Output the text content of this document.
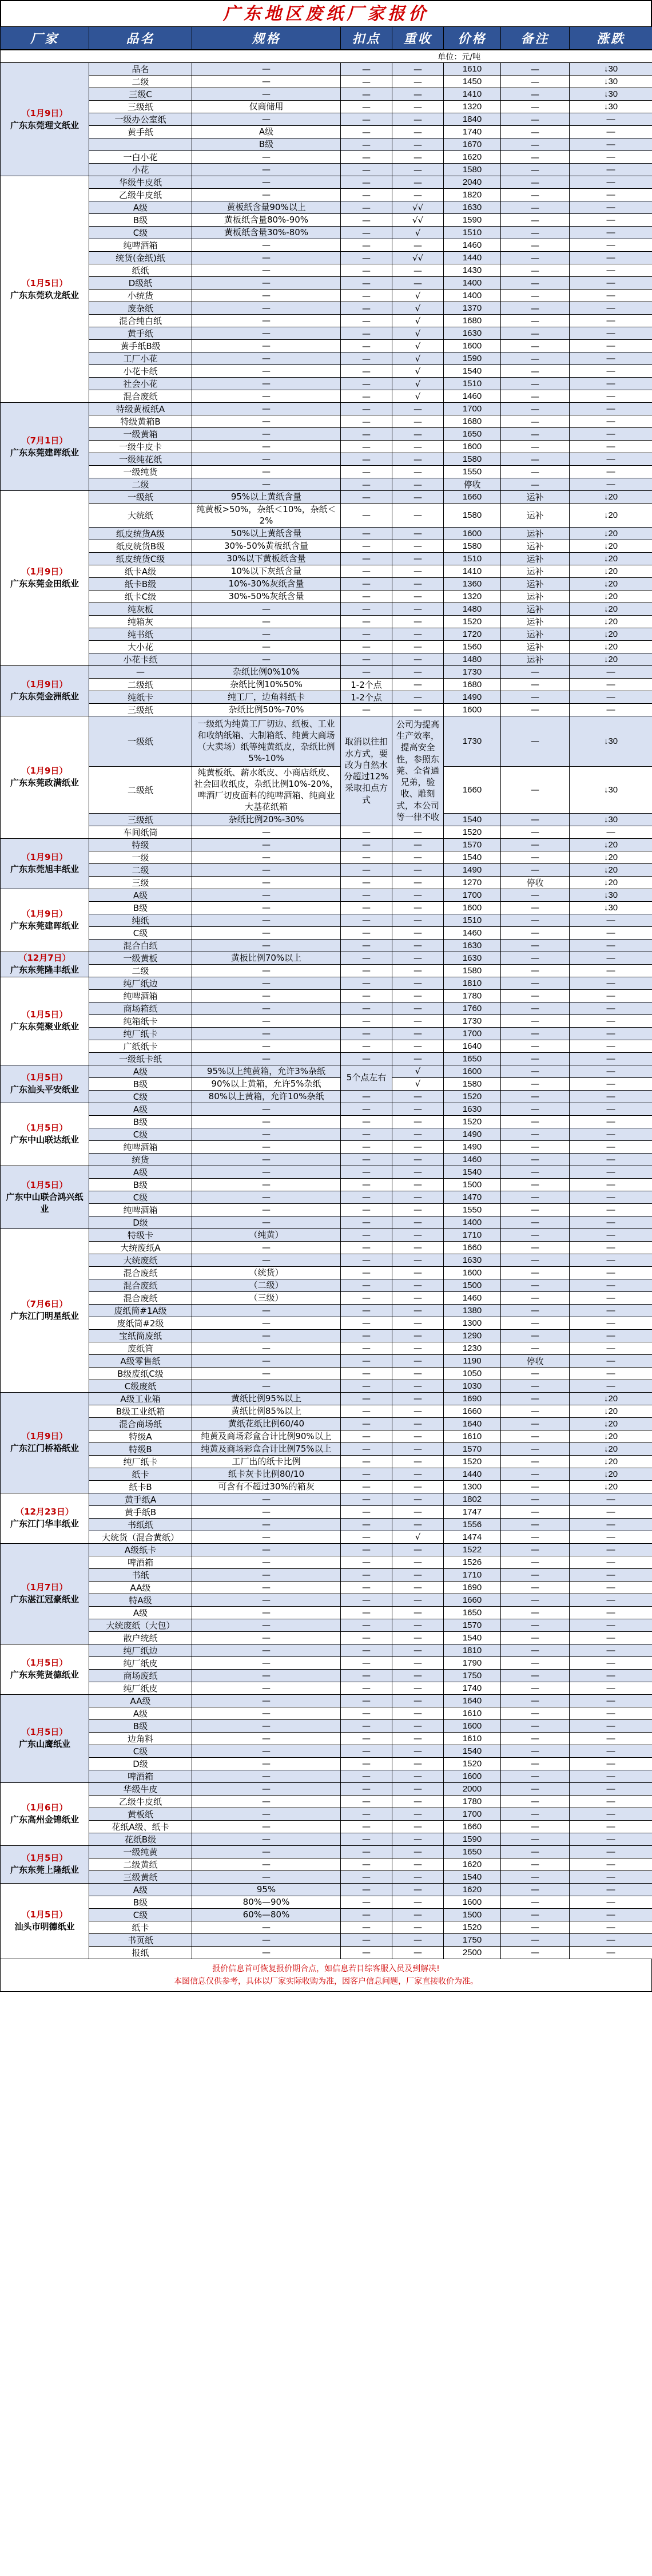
广东地区废纸厂家报价
厂家	品名	规格	扣点	重收	价格	备注	涨跌
单位：元/吨							

（1月9日）
广东东莞理文纸业	品名	—	—	—	1610	—	↓30
	二级	—	—	—	1450	—	↓30
	三级C	—	—	—	1410	—	↓30
	三级纸	仅商储用	—	—	1320	—	↓30
	一级办公室纸	—	—	—	1840	—	—
	黄手纸	A级	—	—	1740	—	—
		B级	—	—	1670	—	—
	一白小花	—	—	—	1620	—	—
	小花	—	—	—	1580	—	—

（1月5日）
广东东莞玖龙纸业	华级牛皮纸	—	—	—	2040	—	—
	乙级牛皮纸	—	—	—	1820	—	—
	A级	黄板纸含量90%以上	—	√√	1630	—	—
	B级	黄板纸含量80%-90%	—	√√	1590	—	—
	C级	黄板纸含量30%-80%	—	√	1510	—	—
	纯啤酒箱	—	—	—	1460	—	—
	统货(金纸)纸	—	—	√√	1440	—	—
	纸纸	—	—	—	1430	—	—
	D级纸	—	—	—	1400	—	—
	小统货	—	—	√	1400	—	—
	废杂纸	—	—	√	1370	—	—
	混合纯白纸	—	—	√	1680	—	—
	黄手纸	—	—	√	1630	—	—
	黄手纸B级	—	—	√	1600	—	—
	工厂小花	—	—	√	1590	—	—
	小花卡纸	—	—	√	1540	—	—
	社会小花	—	—	√	1510	—	—
	混合废纸	—	—	√	1460	—	—

（7月1日）
广东东莞建晖纸业	特级黄板纸A	—	—	—	1700	—	—
	特级黄箱B	—	—	—	1680	—	—
	一级黄箱	—	—	—	1650	—	—
	一级牛皮卡	—	—	—	1600	—	—
	一级纯花纸	—	—	—	1580	—	—
	一级纯货	—	—	—	1550	—	—
	二级	—	—	—	停收	—	—

（1月9日）
广东东莞金田纸业	一级纸	95%以上黄纸含量	—	—	1660	运补	↓20
	大统纸	纯黄板>50%，杂纸＜10%，杂纸＜2%	—	—	1580	运补	↓20
	纸皮统货A级	50%以上黄纸含量	—	—	1600	运补	↓20
	纸皮统货B级	30%-50%黄板纸含量	—	—	1580	运补	↓20
	纸皮统货C级	30%以下黄板纸含量	—	—	1510	运补	↓20
	纸卡A级	10%以下灰纸含量	—	—	1410	运补	↓20
	纸卡B级	10%-30%灰纸含量	—	—	1360	运补	↓20
	纸卡C级	30%-50%灰纸含量	—	—	1320	运补	↓20
	纯灰板	—	—	—	1480	运补	↓20
	纯箱灰	—	—	—	1520	运补	↓20
	纯书纸	—	—	—	1720	运补	↓20
	大小花	—	—	—	1560	运补	↓20
	小花卡纸	—	—	—	1480	运补	↓20

（1月9日）
广东东莞金洲纸业	—	杂纸比例0%10%	—	—	1730	—	—
	二级纸	杂纸比例10%50%	1-2个点	—	1680	—	—
	纯纸卡	纯工厂，边角料纸卡	1-2个点	—	1490	—	—
	三级纸	杂纸比例50%-70%	—	—	1600	—	—

（1月9日）
广东东莞政满纸业	一级纸	一级纸为纯黄工厂切边、纸板、工业和收纳纸箱、大制箱纸、纯黄大商场（大卖场）纸等纯黄纸皮，杂纸比例5%-10%	取消以往扣水方式，要改为自然水分超过12%采取扣点方式	公司为提高生产效率，提高安全性，参照东莞、全省通兄弟，验收、雕刻式，本公司等一律不收	1730	—	↓30
	二级纸	纯黄板纸、薪水纸皮、小商店纸皮、社会回收纸皮，杂纸比例10%-20%，啤酒厂切皮面料的纯啤酒箱、纯商业大基花纸箱			1660	—	↓30
	三级纸	杂纸比例20%-30%			1540	—	↓30
	车间纸筒	—	—	—	1520	—	—

（1月9日）
广东东莞旭丰纸业	特级	—	—	—	1570	—	↓20
	一级	—	—	—	1540	—	↓20
	二级	—	—	—	1490	—	↓20
	三级	—	—	—	1270	停收	↓20

（1月9日）
广东东莞建晖纸业	A级	—	—	—	1700	—	↓30
	B级	—	—	—	1600	—	↓30
	纯纸	—	—	—	1510	—	—
	C级	—	—	—	1460	—	—
	混合白纸	—	—	—	1630	—	—

（12月7日）
广东东莞隆丰纸业	一级黄板	黄板比例70%以上	—	—	1630	—	—
	二级	—	—	—	1580	—	—

（1月5日）
广东东莞聚业纸业	纯厂纸边	—	—	—	1810	—	—
	纯啤酒箱	—	—	—	1780	—	—
	商场箱纸	—	—	—	1760	—	—
	纯箱纸卡	—	—	—	1730	—	—
	纯厂纸卡	—	—	—	1700	—	—
	广纸纸卡	—	—	—	1640	—	—
	一级纸卡纸	—	—	—	1650	—	—

（1月5日）
广东汕头平安纸业	A级	95%以上纯黄箱，允许3%杂纸	5个点左右	√	1600	—	—
	B级	90%以上黄箱，允许5%杂纸		√	1580	—	—
	C级	80%以上黄箱，允许10%杂纸	—	—	1520	—	—

（1月5日）
广东中山联达纸业	A级	—	—	—	1630	—	—
	B级	—	—	—	1520	—	—
	C级	—	—	—	1490	—	—
	纯啤酒箱	—	—	—	1490	—	—
	统货	—	—	—	1460	—	—

（1月5日）
广东中山联合鸿兴纸业	A级	—	—	—	1540	—	—
	B级	—	—	—	1500	—	—
	C级	—	—	—	1470	—	—
	纯啤酒箱	—	—	—	1550	—	—
	D级	—	—	—	1400	—	—

（7月6日）
广东江门明星纸业	特级卡	（纯黄）	—	—	1710	—	—
	大统废纸A	—	—	—	1660	—	—
	大统废纸	—	—	—	1630	—	—
	混合废纸	（统货）	—	—	1600	—	—
	混合废纸	（二级）	—	—	1500	—	—
	混合废纸	（三级）	—	—	1460	—	—
	废纸筒#1A级	—	—	—	1380	—	—
	废纸筒#2级	—	—	—	1300	—	—
	宝纸筒废纸	—	—	—	1290	—	—
	废纸筒	—	—	—	1230	—	—
	A级零售纸	—	—	—	1190	停收	—
	B级废纸C级	—	—	—	1050	—	—
	C级废纸	—	—	—	1030	—	—

（1月9日）
广东江门桥裕纸业	A级工业箱	黄纸比例95%以上	—	—	1690	—	↓20
	B级工业纸箱	黄纸比例85%以上	—	—	1660	—	↓20
	混合商场纸	黄纸花纸比例60/40	—	—	1640	—	↓20
	特级A	纯黄及商场彩盒合计比例90%以上	—	—	1610	—	↓20
	特级B	纯黄及商场彩盒合计比例75%以上	—	—	1570	—	↓20
	纯厂纸卡	工厂出的纸卡比例	—	—	1520	—	↓20
	纸卡	纸卡灰卡比例80/10	—	—	1440	—	↓20
	纸卡B	可含有不超过30%的箱灰	—	—	1300	—	↓20

（12月23日）
广东江门华丰纸业	黄手纸A	—	—	—	1802	—	—
	黄手纸B	—	—	—	1747	—	—
	书纸纸	—	—	—	1556	—	—
	大统货（混合黄纸）	—	—	√	1474	—	—

（1月7日）
广东湛江冠豪纸业	A级纸卡	—	—	—	1522	—	—
	啤酒箱	—	—	—	1526	—	—
	书纸	—	—	—	1710	—	—
	AA级	—	—	—	1690	—	—
	特A级	—	—	—	1660	—	—
	A级	—	—	—	1650	—	—
	大统废纸（大包）	—	—	—	1570	—	—
	散户统纸	—	—	—	1540	—	—

（1月5日）
广东东莞贤德纸业	纯厂纸边	—	—	—	1810	—	—
	纯厂纸皮	—	—	—	1790	—	—
	商场废纸	—	—	—	1750	—	—
	纯厂纸皮	—	—	—	1740	—	—

（1月5日）
广东山鹰纸业	AA级	—	—	—	1640	—	—
	A级	—	—	—	1610	—	—
	B级	—	—	—	1600	—	—
	边角料	—	—	—	1610	—	—
	C级	—	—	—	1540	—	—
	D级	—	—	—	1520	—	—
	啤酒箱	—	—	—	1600	—	—

（1月6日）
广东高州金锦纸业	华级牛皮	—	—	—	2000	—	—
	乙级牛皮纸	—	—	—	1780	—	—
	黄板纸	—	—	—	1700	—	—
	花纸A级、纸卡	—	—	—	1660	—	—
	花纸B级	—	—	—	1590	—	—

（1月5日）
广东东莞上隆纸业	一级纯黄	—	—	—	1650	—	—
	二级黄纸	—	—	—	1620	—	—
	三级黄纸	—	—	—	1540	—	—

（1月5日）
汕头市明德纸业	A级	95%	—	—	1620	—	—
	B级	80%—90%	—	—	1600	—	—
	C级	60%—80%	—	—	1500	—	—
	纸卡	—	—	—	1520	—	—
	书页纸	—	—	—	1750	—	—
	报纸	—	—	—	2500	—	—
报价信息首可恢复报价期合点，如信息若目综客服入员及到解决!
本图信息仅供参考，具体以厂家实际收购为准，因客户信息问题，厂家直接收价为准。
